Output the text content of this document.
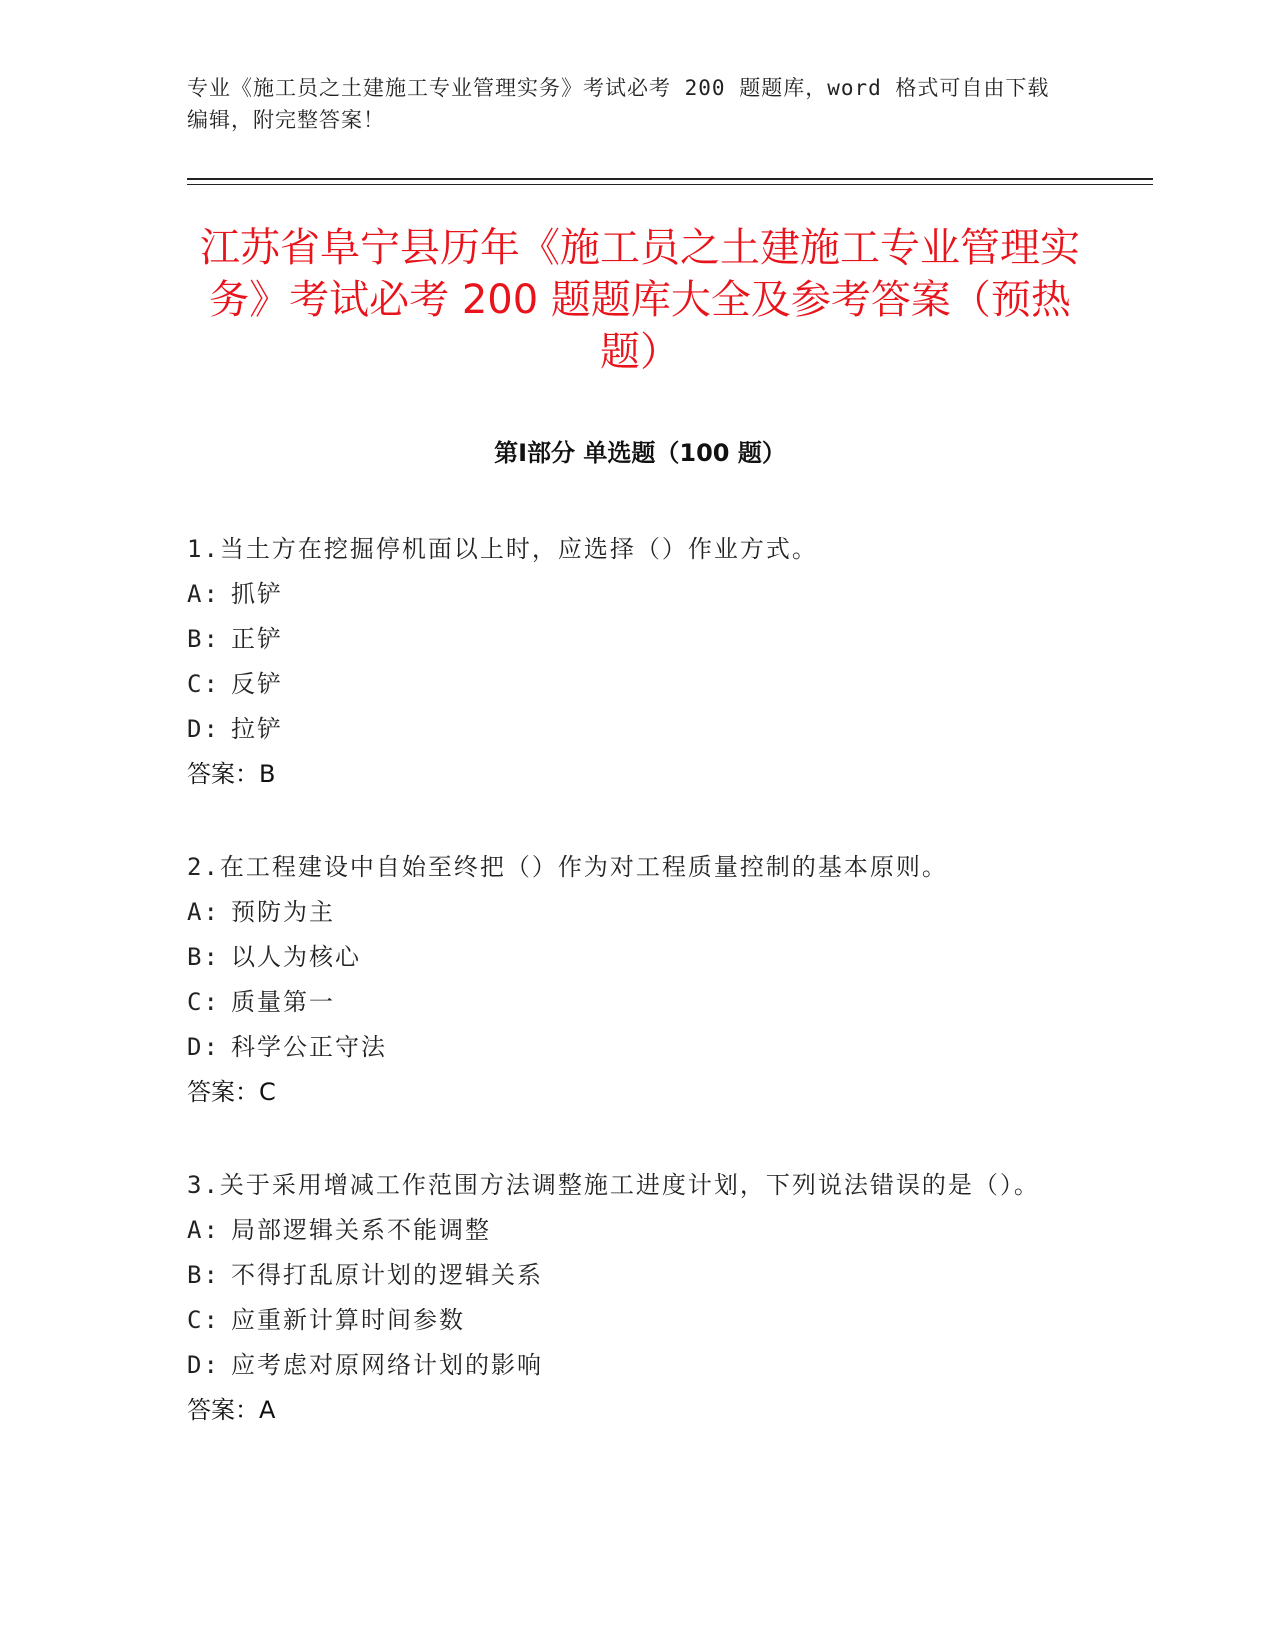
专业《施工员之土建施工专业管理实务》考试必考 200 题题库，word 格式可自由下载编辑，附完整答案！
江苏省阜宁县历年《施工员之土建施工专业管理实务》考试必考 200 题题库大全及参考答案（预热题）
第Ⅰ部分 单选题（100 题）
1.当土方在挖掘停机面以上时，应选择（）作业方式。
A: 抓铲
B: 正铲
C: 反铲
D: 拉铲
答案：B
2.在工程建设中自始至终把（）作为对工程质量控制的基本原则。
A: 预防为主
B: 以人为核心
C: 质量第一
D: 科学公正守法
答案：C
3.关于采用增减工作范围方法调整施工进度计划，下列说法错误的是（）。
A: 局部逻辑关系不能调整
B: 不得打乱原计划的逻辑关系
C: 应重新计算时间参数
D: 应考虑对原网络计划的影响
答案：A
